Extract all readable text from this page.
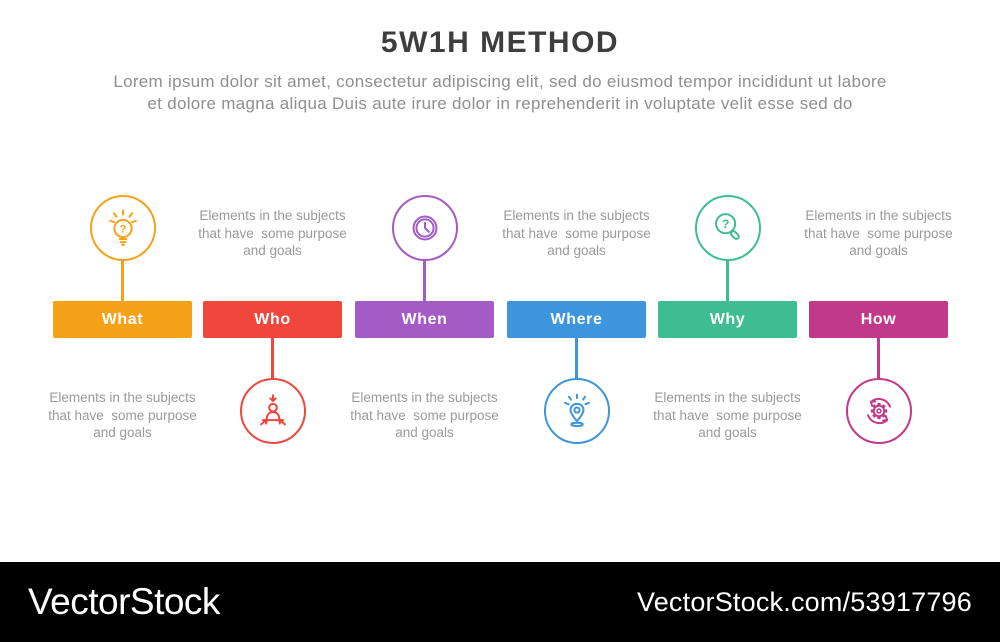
5W1H METHOD
Lorem ipsum dolor sit amet, consectetur adipiscing elit, sed do eiusmod tempor incididunt ut labore
et dolore magna aliqua Duis aute irure dolor in reprehenderit in voluptate velit esse sed do
?
What
Elements in the subjects
that have  some purpose
and goals
Elements in the subjects
that have  some purpose
and goals
Who	When
Elements in the subjects
that have  some purpose
and goals
Elements in the subjects
that have  some purpose
and goals
Where
?
Why
Elements in the subjects
that have  some purpose
and goals
Elements in the subjects
that have  some purpose
and goals
How
VectorStock	VectorStock.com/53917796
